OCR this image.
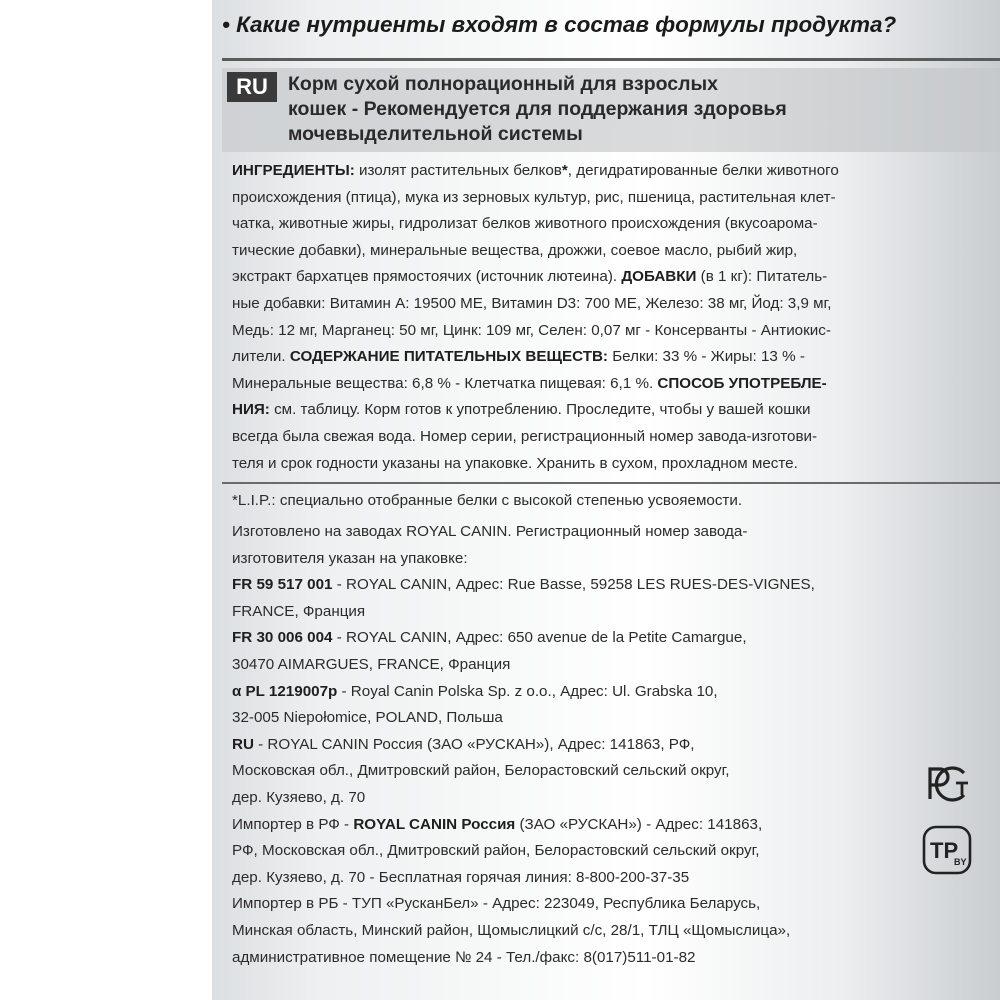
• Какие нутриенты входят в состав формулы продукта?
RU	Корм сухой полнорационный для взрослых
кошек - Рекомендуется для поддержания здоровья
мочевыделительной системы
ИНГРЕДИЕНТЫ: изолят растительных белков*, дегидратированные белки животного
происхождения (птица), мука из зерновых культур, рис, пшеница, растительная клет-
чатка, животные жиры, гидролизат белков животного происхождения (вкусоарома-
тические добавки), минеральные вещества, дрожжи, соевое масло, рыбий жир,
экстракт бархатцев прямостоячих (источник лютеина). ДОБАВКИ (в 1 кг): Питатель-
ные добавки: Витамин А: 19500 МЕ, Витамин D3: 700 МЕ, Железо: 38 мг, Йод: 3,9 мг,
Медь: 12 мг, Марганец: 50 мг, Цинк: 109 мг, Селен: 0,07 мг - Консерванты - Антиокис-
лители. СОДЕРЖАНИЕ ПИТАТЕЛЬНЫХ ВЕЩЕСТВ: Белки: 33 % - Жиры: 13 % -
Минеральные вещества: 6,8 % - Клетчатка пищевая: 6,1 %. СПОСОБ УПОТРЕБЛЕ-
НИЯ: см. таблицу. Корм готов к употреблению. Проследите, чтобы у вашей кошки
всегда была свежая вода. Номер серии, регистрационный номер завода-изготови-
теля и срок годности указаны на упаковке. Хранить в сухом, прохладном месте.
*L.I.P.: специально отобранные белки с высокой степенью усвояемости.
Изготовлено на заводах ROYAL CANIN. Регистрационный номер завода-
изготовителя указан на упаковке:
FR 59 517 001 - ROYAL CANIN, Адрес: Rue Basse, 59258 LES RUES-DES-VIGNES,
FRANCE, Франция
FR 30 006 004 - ROYAL CANIN, Адрес: 650 avenue de la Petite Camargue,
30470 AIMARGUES, FRANCE, Франция
α PL 1219007p - Royal Canin Polska Sp. z o.o., Адрес: Ul. Grabska 10,
32-005 Niepołomice, POLAND, Польша
RU - ROYAL CANIN Россия (ЗАО «РУСКАН»), Адрес: 141863, РФ,
Московская обл., Дмитровский район, Белорастовский сельский округ,
дер. Кузяево, д. 70
Импортер в РФ - ROYAL CANIN Россия (ЗАО «РУСКАН») - Адрес: 141863,
РФ, Московская обл., Дмитровский район, Белорастовский сельский округ,
дер. Кузяево, д. 70 - Бесплатная горячая линия: 8-800-200-37-35
Импортер в РБ - ТУП «РусканБел» - Адрес: 223049, Республика Беларусь,
Минская область, Минский район, Щомыслицкий с/с, 28/1, ТЛЦ «Щомыслица»,
административное помещение № 24 - Тел./факс: 8(017)511-01-82
TP
BY
